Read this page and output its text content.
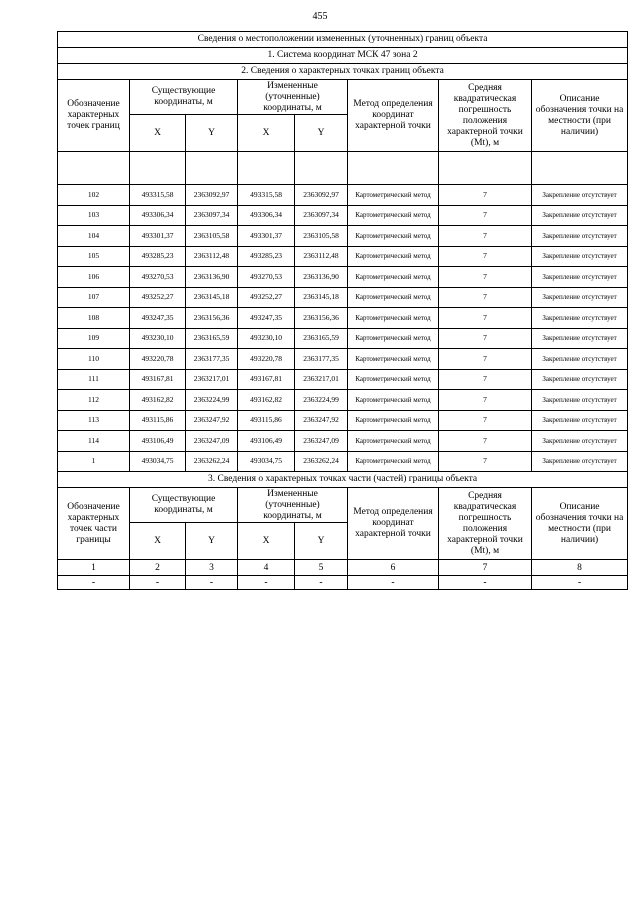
455
Сведения о местоположении измененных (уточненных) границ объекта							
1. Система координат МСК 47 зона 2							
2. Сведения о характерных точках границ объекта							
Обозначение характерных точек границ	Существующие координаты, м		Измененные (уточненные) координаты, м		Метод определения координат характерной точки	Средняя квадратическая погрешность положения характерной точки (Mt), м	Описание обозначения точки на местности (при наличии)
	X	Y	X	Y			

102	493315,58	2363092,97	493315,58	2363092,97	Картометрический метод	7	Закрепление отсутствует
103	493306,34	2363097,34	493306,34	2363097,34	Картометрический метод	7	Закрепление отсутствует
104	493301,37	2363105,58	493301,37	2363105,58	Картометрический метод	7	Закрепление отсутствует
105	493285,23	2363112,48	493285,23	2363112,48	Картометрический метод	7	Закрепление отсутствует
106	493270,53	2363136,90	493270,53	2363136,90	Картометрический метод	7	Закрепление отсутствует
107	493252,27	2363145,18	493252,27	2363145,18	Картометрический метод	7	Закрепление отсутствует
108	493247,35	2363156,36	493247,35	2363156,36	Картометрический метод	7	Закрепление отсутствует
109	493230,10	2363165,59	493230,10	2363165,59	Картометрический метод	7	Закрепление отсутствует
110	493220,78	2363177,35	493220,78	2363177,35	Картометрический метод	7	Закрепление отсутствует
111	493167,81	2363217,01	493167,81	2363217,01	Картометрический метод	7	Закрепление отсутствует
112	493162,82	2363224,99	493162,82	2363224,99	Картометрический метод	7	Закрепление отсутствует
113	493115,86	2363247,92	493115,86	2363247,92	Картометрический метод	7	Закрепление отсутствует
114	493106,49	2363247,09	493106,49	2363247,09	Картометрический метод	7	Закрепление отсутствует
1	493034,75	2363262,24	493034,75	2363262,24	Картометрический метод	7	Закрепление отсутствует
3. Сведения о характерных точках части (частей) границы объекта							
Обозначение характерных точек части границы	Существующие координаты, м		Измененные (уточненные) координаты, м		Метод определения координат характерной точки	Средняя квадратическая погрешность положения характерной точки (Mt), м	Описание обозначения точки на местности (при наличии)
	X	Y	X	Y			
1	2	3	4	5	6	7	8
-	-	-	-	-	-	-	-
